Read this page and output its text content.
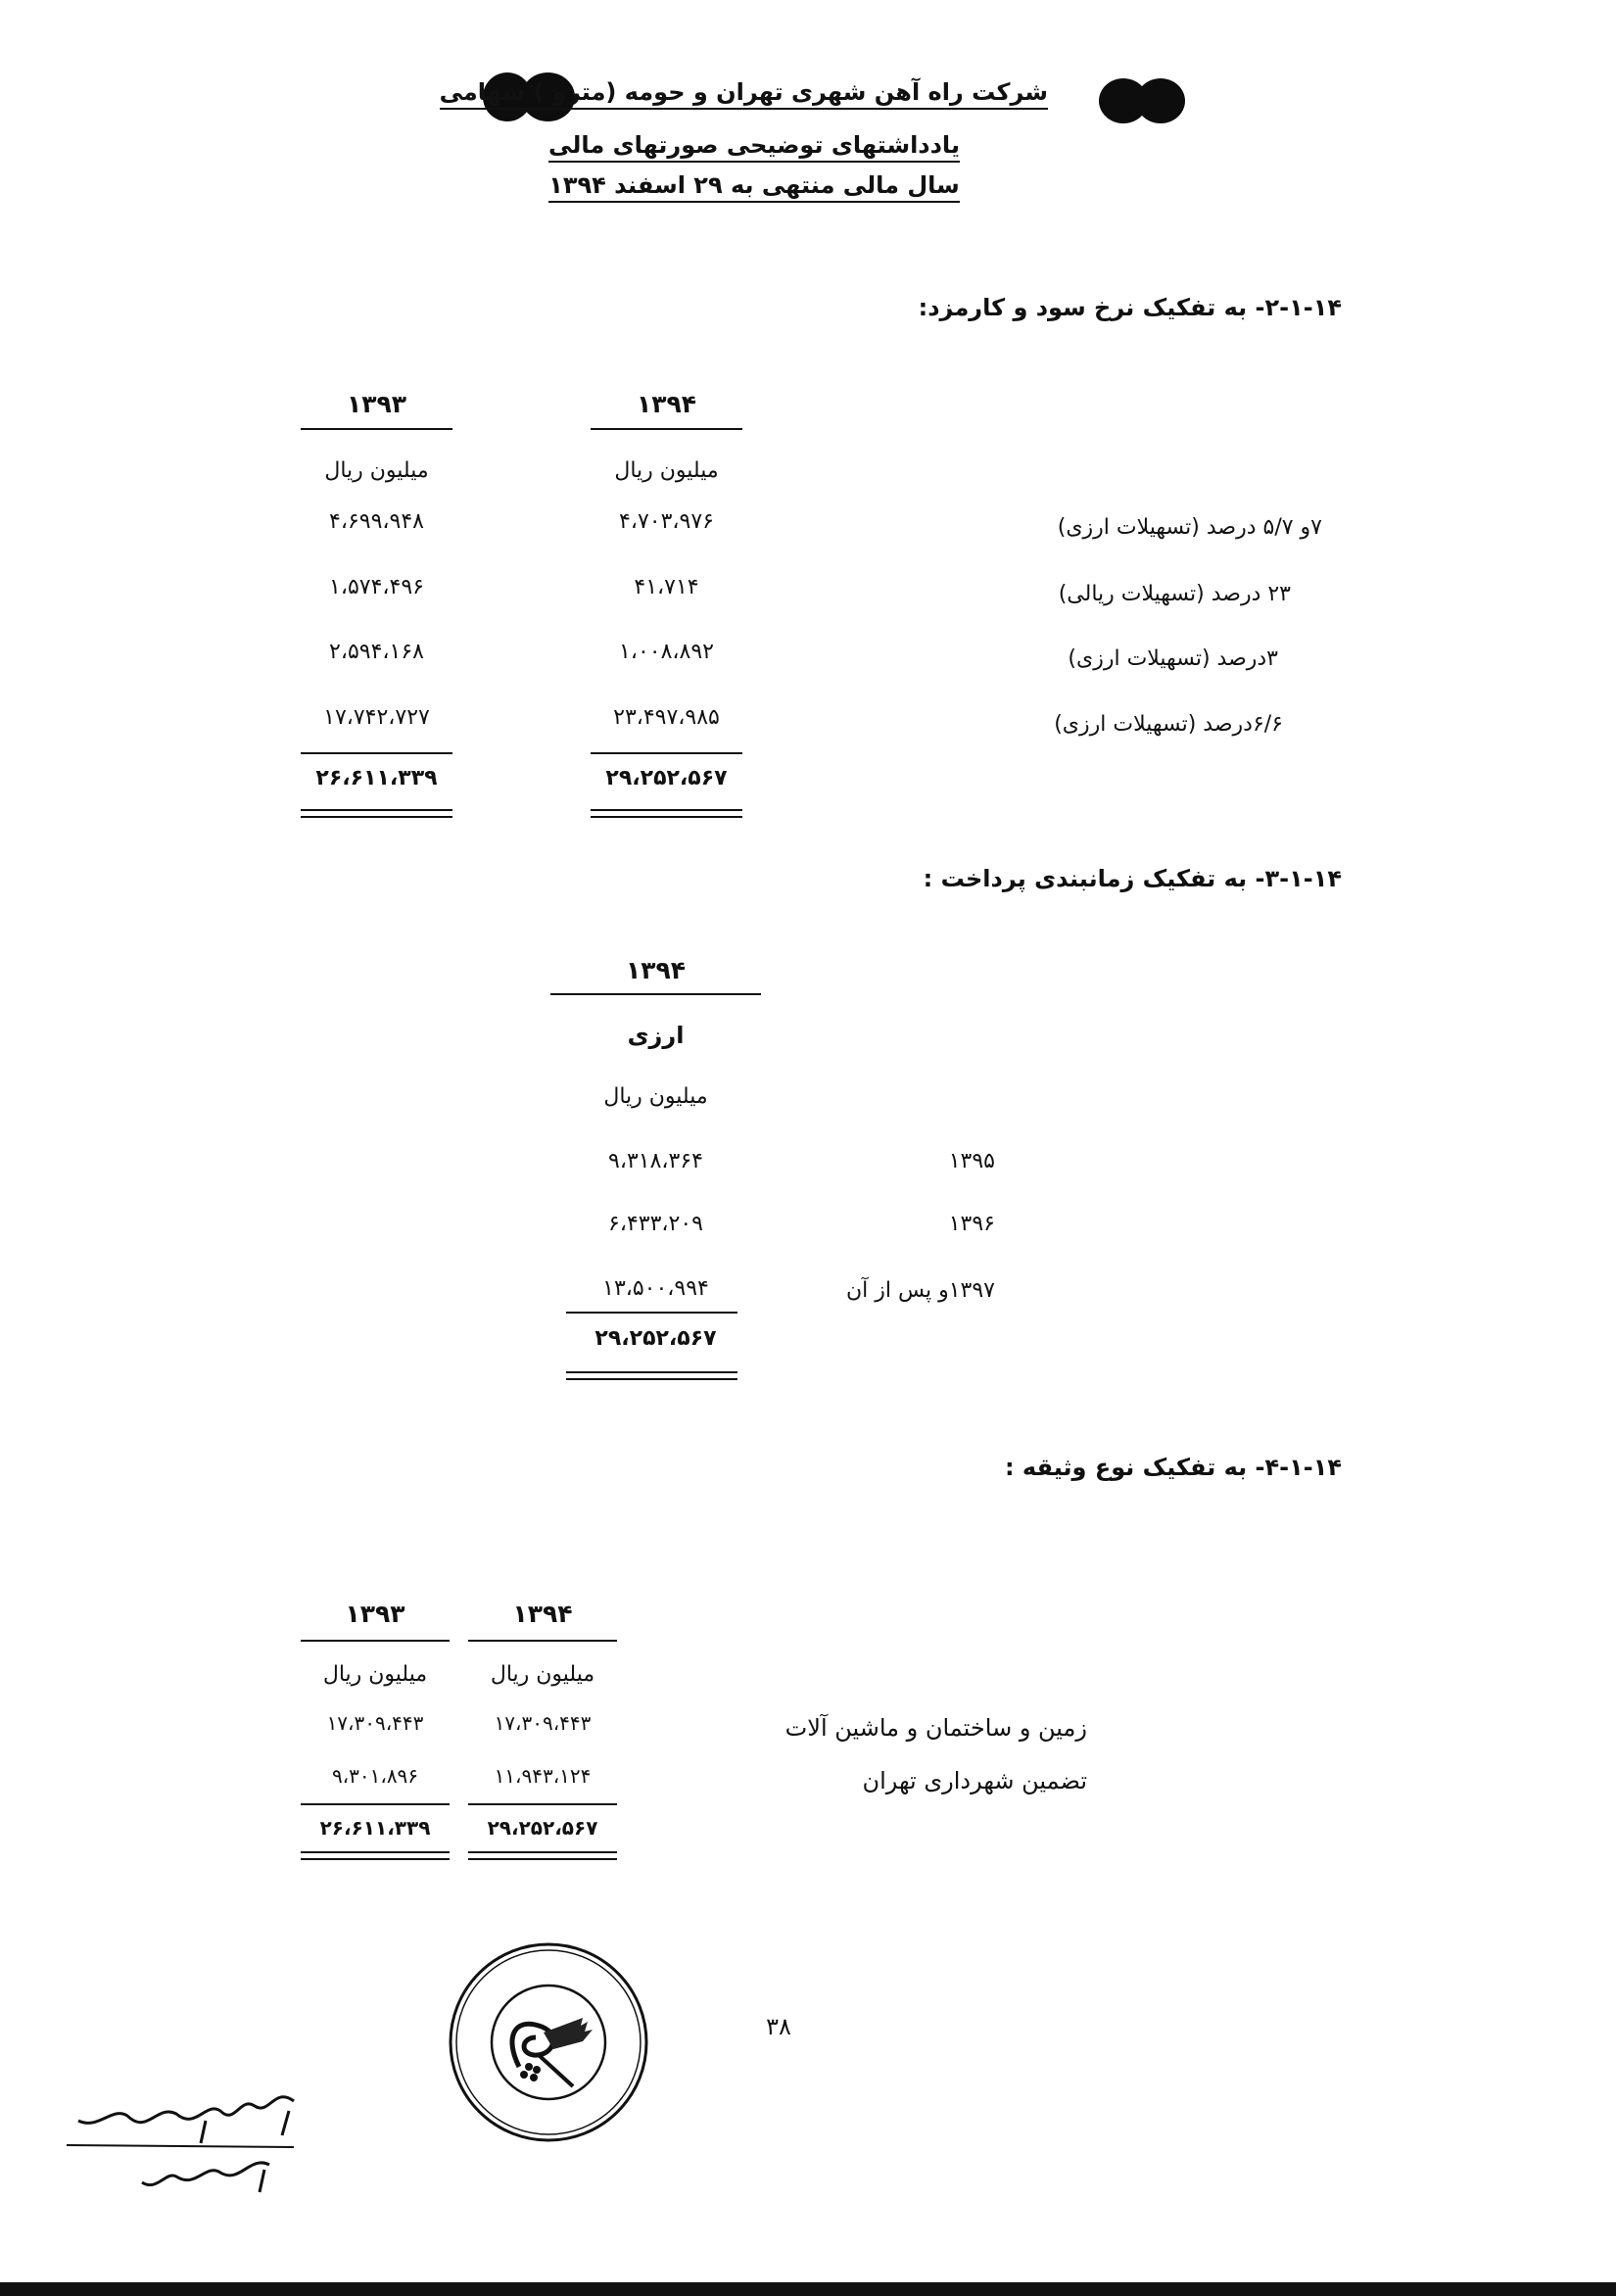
شرکت راه آهن شهری تهران و حومه (مترو ) سهامی
یادداشتهای توضیحی صورتهای مالی
سال مالی منتهی به ۲۹ اسفند ۱۳۹۴
۲-۱-۱۴- به تفکیک نرخ سود و کارمزد:
۱۳۹۴
۱۳۹۳
میلیون ریال
میلیون ریال
۷و ۵/۷ درصد (تسهیلات ارزی)
۴،۷۰۳،۹۷۶
۴،۶۹۹،۹۴۸
۲۳ درصد (تسهیلات ریالی)
۴۱،۷۱۴
۱،۵۷۴،۴۹۶
۳درصد (تسهیلات ارزی)
۱،۰۰۸،۸۹۲
۲،۵۹۴،۱۶۸
۶/۶درصد (تسهیلات ارزی)
۲۳،۴۹۷،۹۸۵
۱۷،۷۴۲،۷۲۷
۲۹،۲۵۲،۵۶۷
۲۶،۶۱۱،۳۳۹
۳-۱-۱۴- به تفکیک زمانبندی پرداخت :
۱۳۹۴
ارزی
میلیون ریال
۱۳۹۵
۹،۳۱۸،۳۶۴
۱۳۹۶
۶،۴۳۳،۲۰۹
۱۳۹۷و پس از آن
۱۳،۵۰۰،۹۹۴
۲۹،۲۵۲،۵۶۷
۴-۱-۱۴- به تفکیک نوع وثیقه :
۱۳۹۴
۱۳۹۳
میلیون ریال
میلیون ریال
زمین و ساختمان و ماشین آلات
۱۷،۳۰۹،۴۴۳
۱۷،۳۰۹،۴۴۳
تضمین شهرداری تهران
۱۱،۹۴۳،۱۲۴
۹،۳۰۱،۸۹۶
۲۹،۲۵۲،۵۶۷
۲۶،۶۱۱،۳۳۹
۳۸
